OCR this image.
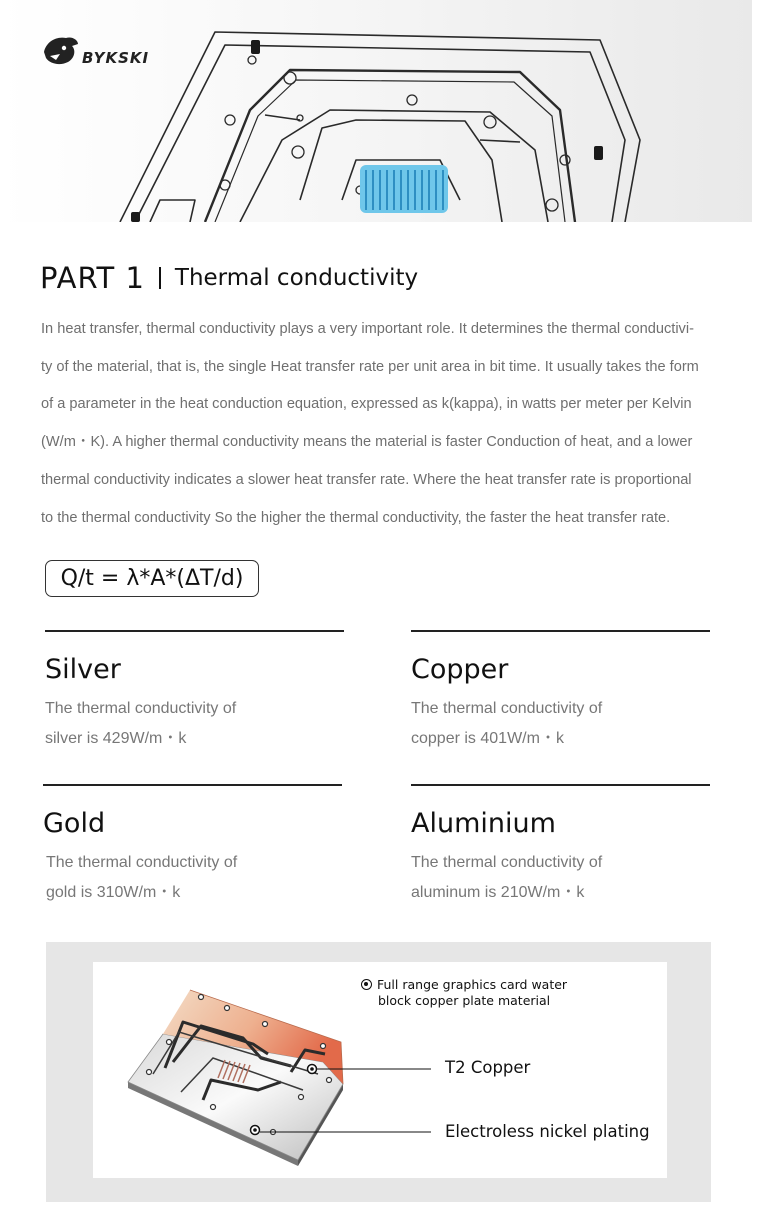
BYKSKI
PART 1 Thermal conductivity

In heat transfer, thermal conductivity plays a very important role. It determines the thermal conductivi-

ty of the material, that is, the single Heat transfer rate per unit area in bit time. It usually takes the form

of a parameter in the heat conduction equation, expressed as k(kappa), in watts per meter per Kelvin

(W/m・K). A higher thermal conductivity means the material is faster Conduction of heat, and a lower

thermal conductivity indicates a slower heat transfer rate. Where the heat transfer rate is proportional

to the thermal conductivity So the higher the thermal conductivity, the faster the heat transfer rate.

Q/t = λ*A*(ΔT/d)
Silver

The thermal conductivity of

silver is 429W/m・k

Copper

The thermal conductivity of

copper is 401W/m・k

Gold

The thermal conductivity of

gold is 310W/m・k

Aluminium

The thermal conductivity of

aluminum is 210W/m・k

Full range graphics card water
block copper plate material
T2 Copper
Electroless nickel plating
